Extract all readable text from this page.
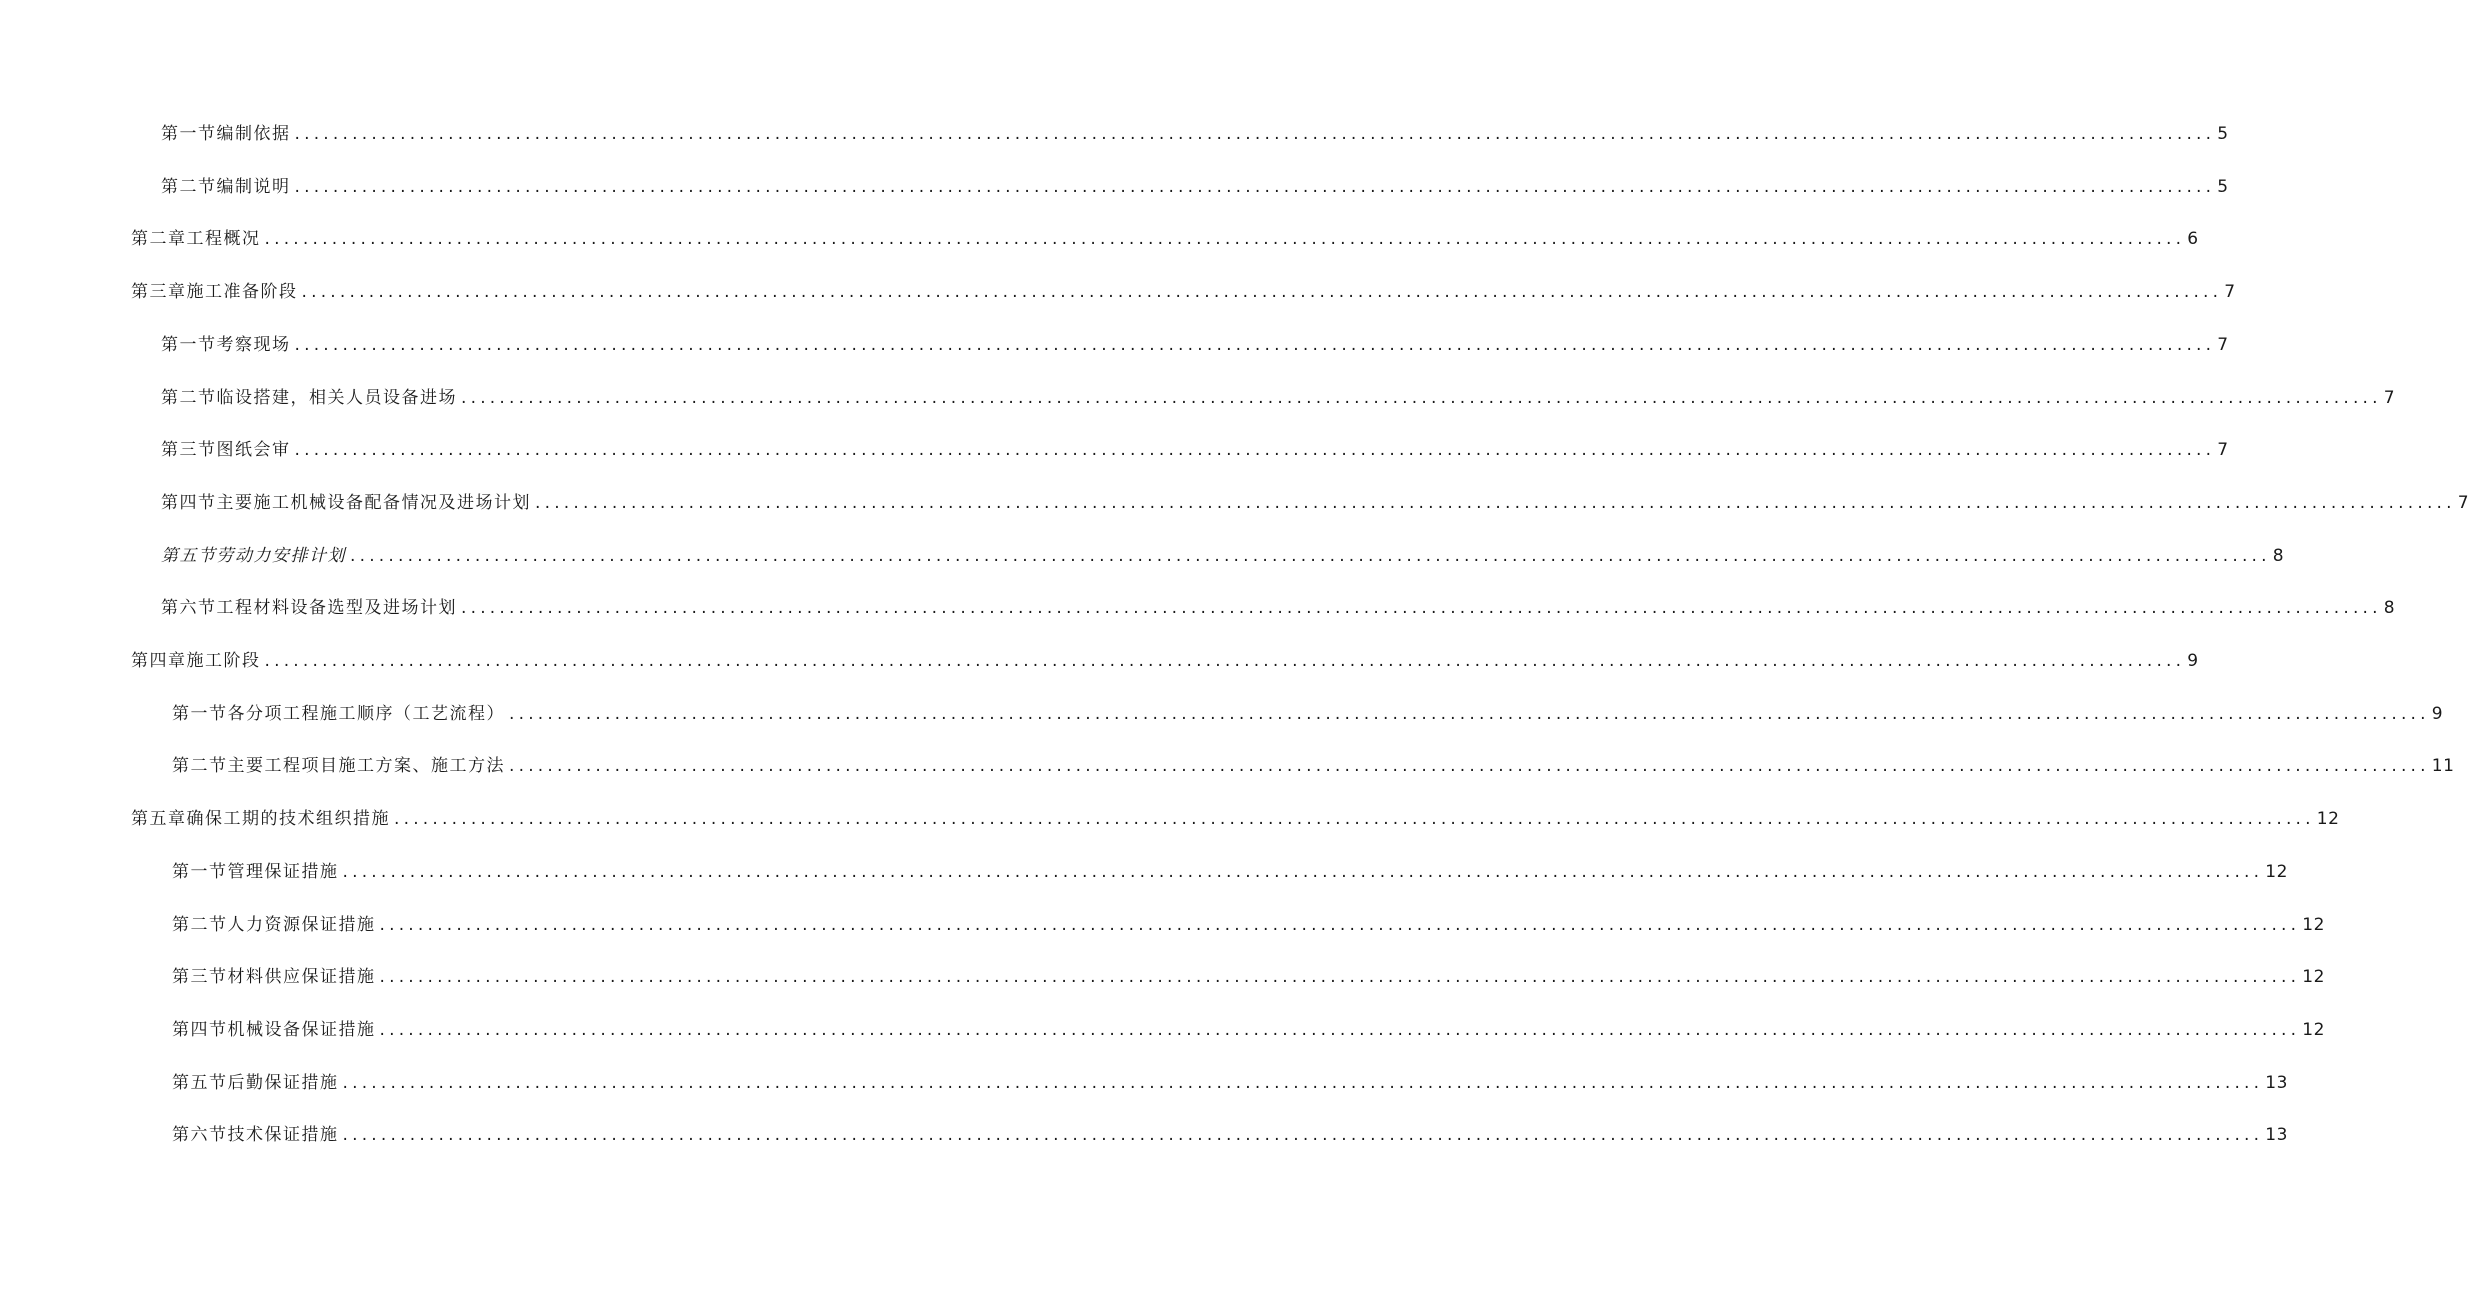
第一节编制依据 ........................................................................................................................................................................................................ 5
第二节编制说明 ........................................................................................................................................................................................................ 5
第二章工程概况 ........................................................................................................................................................................................................ 6
第三章施工准备阶段 ........................................................................................................................................................................................................ 7
第一节考察现场 ........................................................................................................................................................................................................ 7
第二节临设搭建，相关人员设备进场 ........................................................................................................................................................................................................ 7
第三节图纸会审 ........................................................................................................................................................................................................ 7
第四节主要施工机械设备配备情况及进场计划 ........................................................................................................................................................................................................ 7
第五节劳动力安排计划 ........................................................................................................................................................................................................ 8
第六节工程材料设备选型及进场计划 ........................................................................................................................................................................................................ 8
第四章施工阶段 ........................................................................................................................................................................................................ 9
第一节各分项工程施工顺序（工艺流程） ........................................................................................................................................................................................................ 9
第二节主要工程项目施工方案、施工方法 ........................................................................................................................................................................................................ 11
第五章确保工期的技术组织措施 ........................................................................................................................................................................................................ 12
第一节管理保证措施 ........................................................................................................................................................................................................ 12
第二节人力资源保证措施 ........................................................................................................................................................................................................ 12
第三节材料供应保证措施 ........................................................................................................................................................................................................ 12
第四节机械设备保证措施 ........................................................................................................................................................................................................ 12
第五节后勤保证措施 ........................................................................................................................................................................................................ 13
第六节技术保证措施 ........................................................................................................................................................................................................ 13
